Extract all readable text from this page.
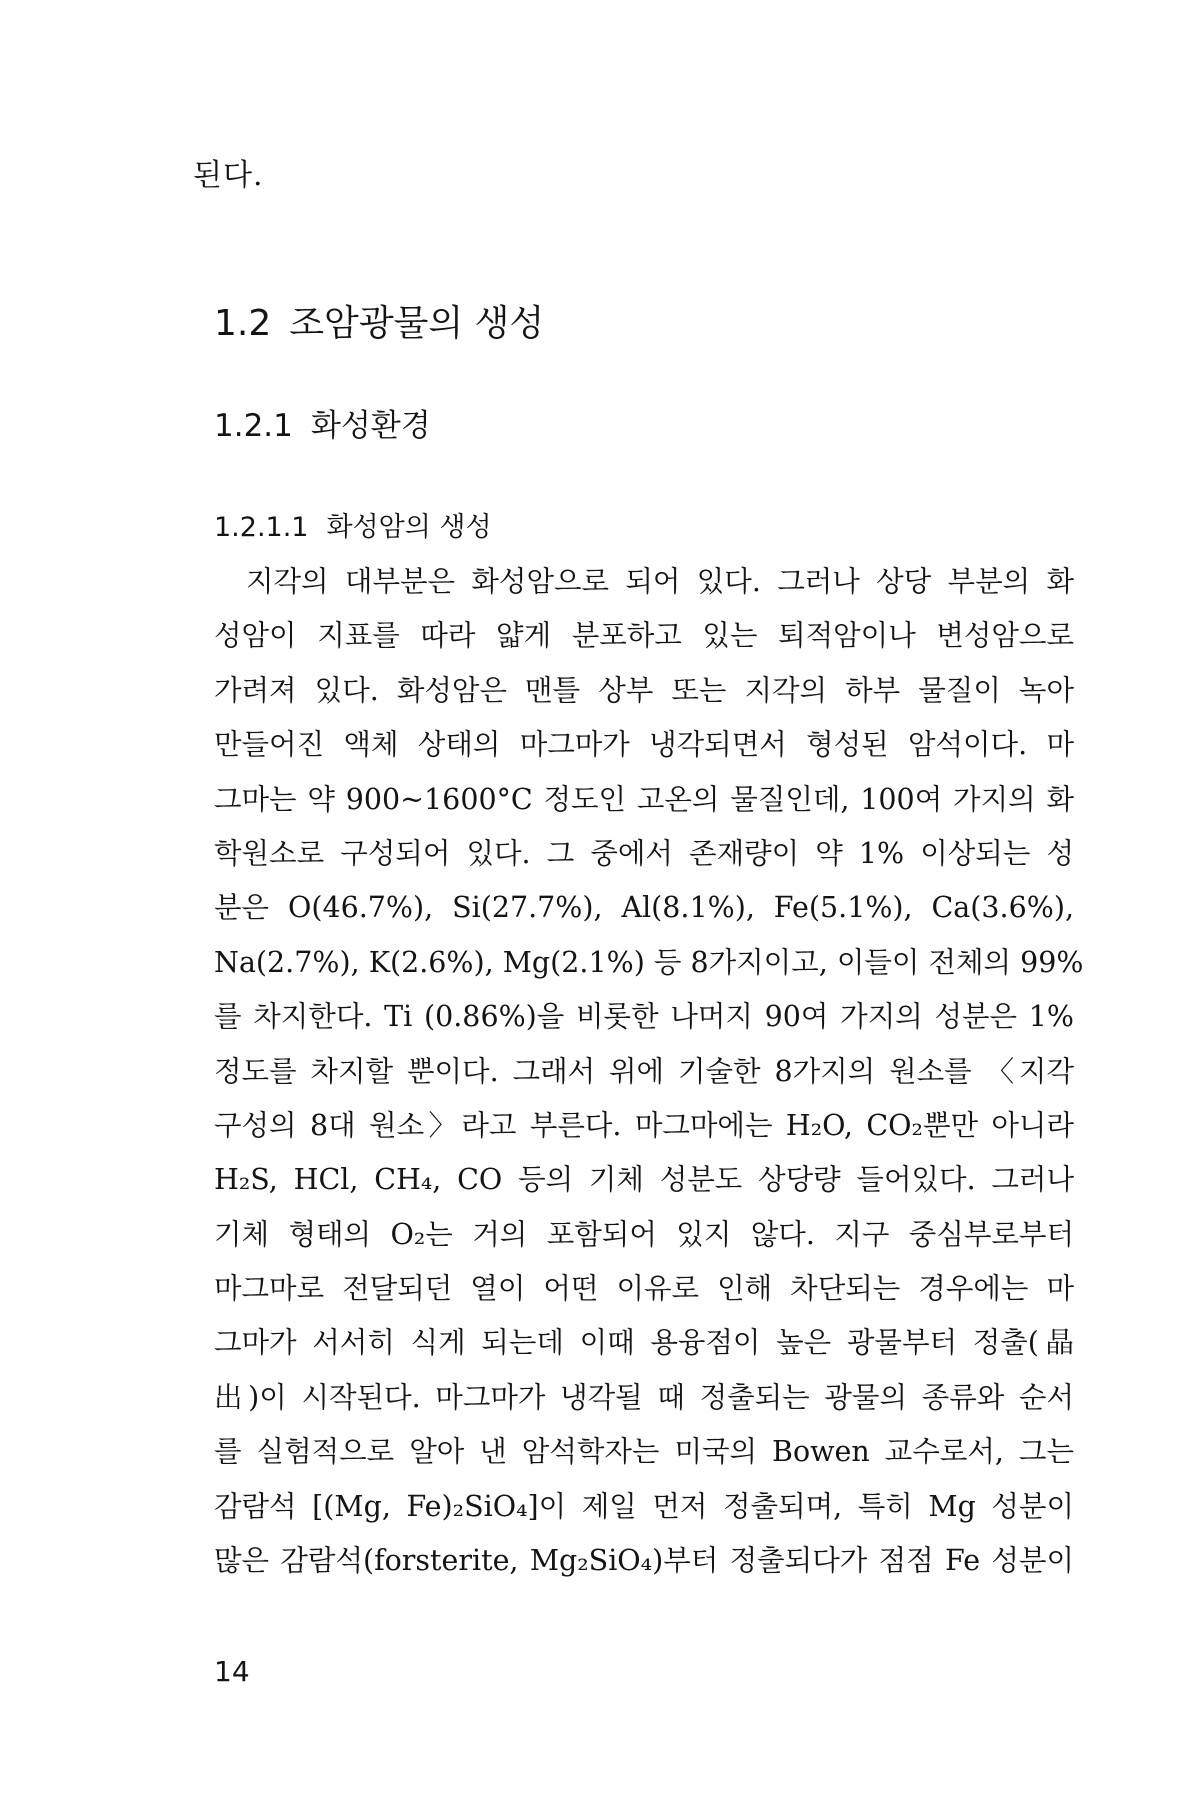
된다.
1.2 조암광물의 생성
1.2.1 화성환경
1.2.1.1 화성암의 생성
지각의 대부분은 화성암으로 되어 있다. 그러나 상당 부분의 화
성암이 지표를 따라 얇게 분포하고 있는 퇴적암이나 변성암으로
가려져 있다. 화성암은 맨틀 상부 또는 지각의 하부 물질이 녹아
만들어진 액체 상태의 마그마가 냉각되면서 형성된 암석이다. 마
그마는 약 900~1600°C 정도인 고온의 물질인데, 100여 가지의 화
학원소로 구성되어 있다. 그 중에서 존재량이 약 1% 이상되는 성
분은 O(46.7%), Si(27.7%), Al(8.1%), Fe(5.1%), Ca(3.6%),
Na(2.7%), K(2.6%), Mg(2.1%) 등 8가지이고, 이들이 전체의 99%
를 차지한다. Ti (0.86%)을 비롯한 나머지 90여 가지의 성분은 1%
정도를 차지할 뿐이다. 그래서 위에 기술한 8가지의 원소를 〈지각
구성의 8대 원소〉라고 부른다. 마그마에는 H₂O, CO₂뿐만 아니라
H₂S, HCl, CH₄, CO 등의 기체 성분도 상당량 들어있다. 그러나
기체 형태의 O₂는 거의 포함되어 있지 않다. 지구 중심부로부터
마그마로 전달되던 열이 어떤 이유로 인해 차단되는 경우에는 마
그마가 서서히 식게 되는데 이때 용융점이 높은 광물부터 정출(晶
出)이 시작된다. 마그마가 냉각될 때 정출되는 광물의 종류와 순서
를 실험적으로 알아 낸 암석학자는 미국의 Bowen 교수로서, 그는
감람석 [(Mg, Fe)₂SiO₄]이 제일 먼저 정출되며, 특히 Mg 성분이
많은 감람석(forsterite, Mg₂SiO₄)부터 정출되다가 점점 Fe 성분이
14
